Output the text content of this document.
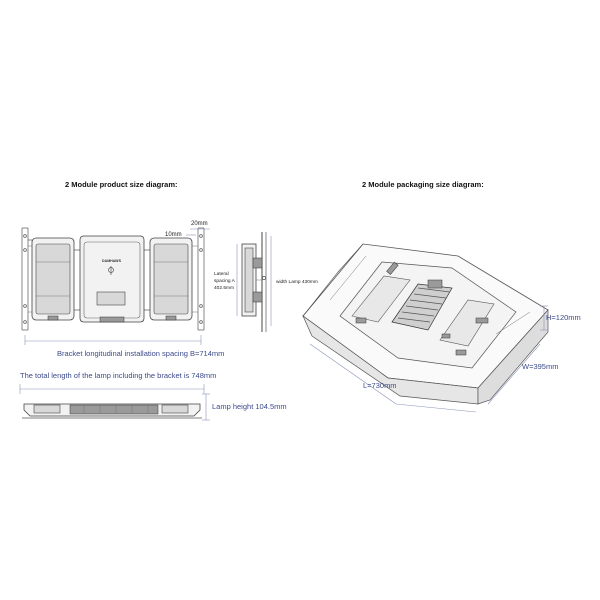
2 Module product size diagram:	2 Module packaging size diagram:
DAMHAWS
20mm
10mm
Bracket longitudinal installation spacing B=714mm
Lateral
spacing A
402.5mm
width Lamp 430mm
The total length of the lamp including the bracket is 748mm
Lamp height 104.5mm
H=120mm
W=395mm
L=730mm
